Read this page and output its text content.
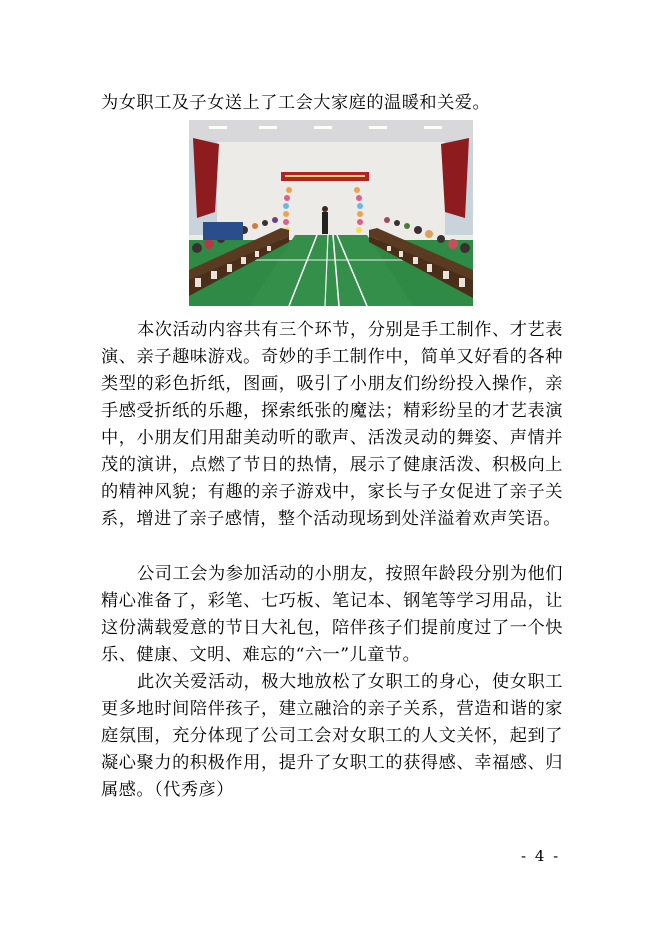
为女职工及子女送上了工会大家庭的温暖和关爱。
本次活动内容共有三个环节，分别是手工制作、才艺表演、亲子趣味游戏。奇妙的手工制作中，简单又好看的各种类型的彩色折纸，图画，吸引了小朋友们纷纷投入操作，亲手感受折纸的乐趣，探索纸张的魔法；精彩纷呈的才艺表演中，小朋友们用甜美动听的歌声、活泼灵动的舞姿、声情并茂的演讲，点燃了节日的热情，展示了健康活泼、积极向上的精神风貌；有趣的亲子游戏中，家长与子女促进了亲子关系，增进了亲子感情，整个活动现场到处洋溢着欢声笑语。
公司工会为参加活动的小朋友，按照年龄段分别为他们精心准备了，彩笔、七巧板、笔记本、钢笔等学习用品，让这份满载爱意的节日大礼包，陪伴孩子们提前度过了一个快乐、健康、文明、难忘的“六一”儿童节。
此次关爱活动，极大地放松了女职工的身心，使女职工更多地时间陪伴孩子，建立融洽的亲子关系，营造和谐的家庭氛围，充分体现了公司工会对女职工的人文关怀，起到了凝心聚力的积极作用，提升了女职工的获得感、幸福感、归属感。（代秀彦）
- 4 -
